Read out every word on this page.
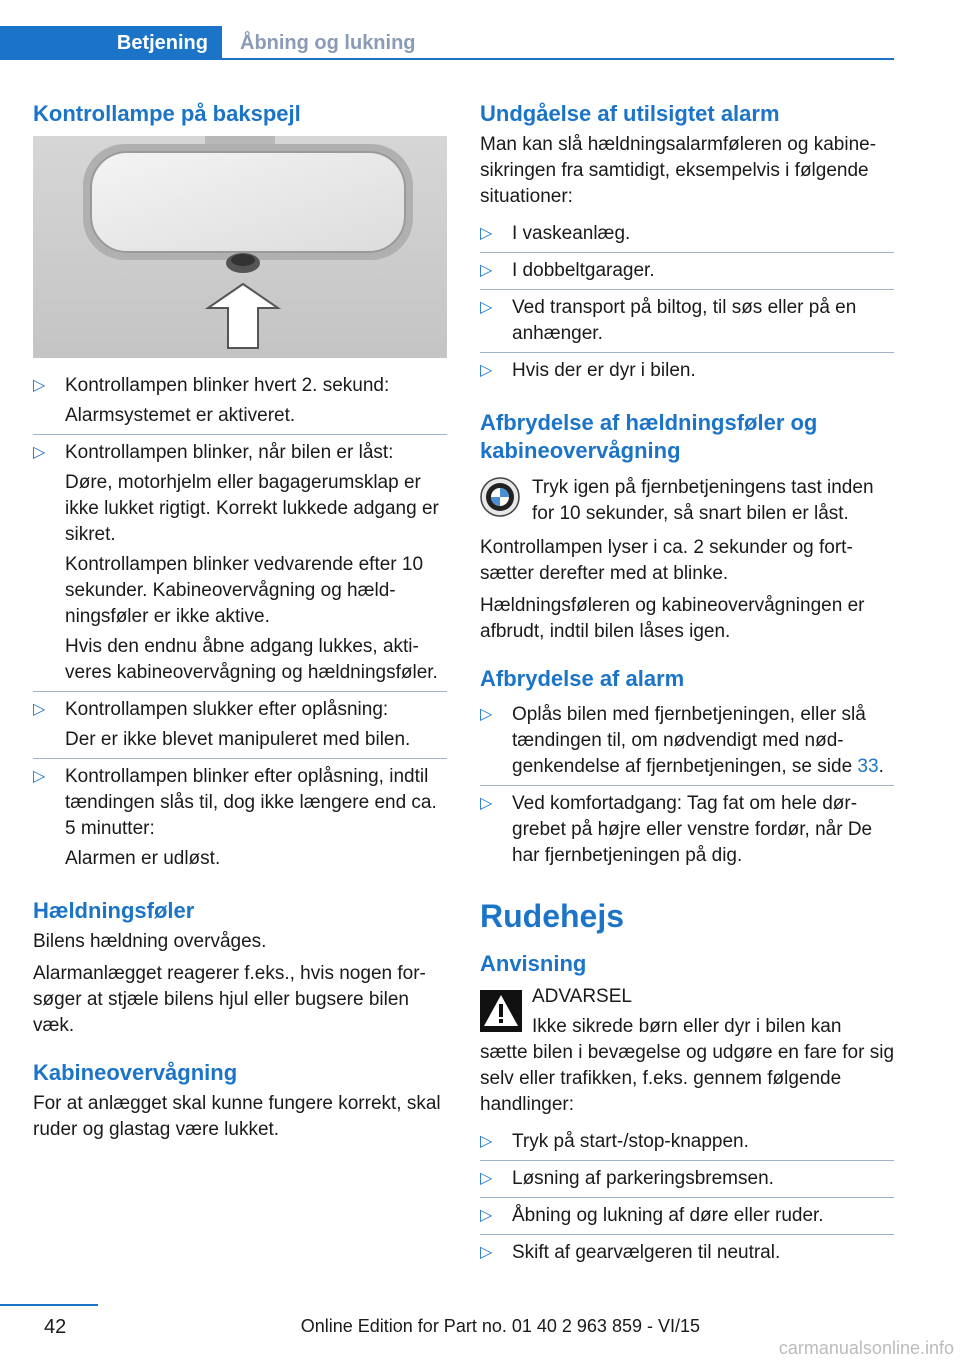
Betjening	Åbning og lukning
Kontrollampe på bakspejl
▷ Kontrollampen blinker hvert 2. sekund:
Alarmsystemet er aktiveret.
▷ Kontrollampen blinker, når bilen er låst:
Døre, motorhjelm eller bagagerumsklap er ikke lukket rigtigt. Korrekt lukkede adgang er sikret.
Kontrollampen blinker vedvarende efter 10 sekunder. Kabineovervågning og hældningsføler er ikke aktive.
Hvis den endnu åbne adgang lukkes, aktiveres kabineovervågning og hældningsføler.
▷ Kontrollampen slukker efter oplåsning:
Der er ikke blevet manipuleret med bilen.
▷ Kontrollampen blinker efter oplåsning, indtil tændingen slås til, dog ikke længere end ca. 5 minutter:
Alarmen er udløst.
Hældningsføler

Bilens hældning overvåges.

Alarmanlægget reagerer f.eks., hvis nogen forsøger at stjæle bilens hjul eller bugsere bilen væk.

Kabineovervågning

For at anlægget skal kunne fungere korrekt, skal ruder og glastag være lukket.

Undgåelse af utilsigtet alarm

Man kan slå hældningsalarmføleren og kabinesikringen fra samtidigt, eksempelvis i følgende situationer:

▷ I vaskeanlæg.
▷ I dobbeltgarager.
▷ Ved transport på biltog, til søs eller på en anhænger.
▷ Hvis der er dyr i bilen.
Afbrydelse af hældningsføler og kabineovervågning
Tryk igen på fjernbetjeningens tast inden for 10 sekunder, så snart bilen er låst.

Kontrollampen lyser i ca. 2 sekunder og fortsætter derefter med at blinke.

Hældningsføleren og kabineovervågningen er afbrudt, indtil bilen låses igen.

Afbrydelse af alarm
▷ Oplås bilen med fjernbetjeningen, eller slå tændingen til, om nødvendigt med nødgenkendelse af fjernbetjeningen, se side 33.
▷ Ved komfortadgang: Tag fat om hele dørgrebet på højre eller venstre fordør, når De har fjernbetjeningen på dig.
Rudehejs
Anvisning

ADVARSEL

Ikke sikrede børn eller dyr i bilen kan

sætte bilen i bevægelse og udgøre en fare for sig selv eller trafikken, f.eks. gennem følgende handlinger:

▷ Tryk på start-/stop-knappen.
▷ Løsning af parkeringsbremsen.
▷ Åbning og lukning af døre eller ruder.
▷ Skift af gearvælgeren til neutral.
42	Online Edition for Part no. 01 40 2 963 859 - VI/15
carmanualsonline.info
